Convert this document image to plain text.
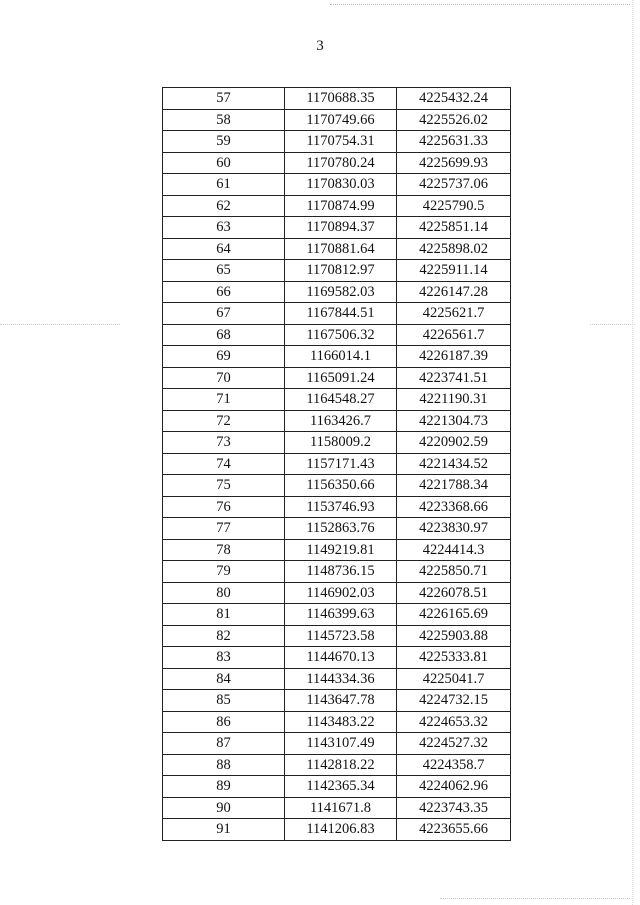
3
57	1170688.35	4225432.24
58	1170749.66	4225526.02
59	1170754.31	4225631.33
60	1170780.24	4225699.93
61	1170830.03	4225737.06
62	1170874.99	4225790.5
63	1170894.37	4225851.14
64	1170881.64	4225898.02
65	1170812.97	4225911.14
66	1169582.03	4226147.28
67	1167844.51	4225621.7
68	1167506.32	4226561.7
69	1166014.1	4226187.39
70	1165091.24	4223741.51
71	1164548.27	4221190.31
72	1163426.7	4221304.73
73	1158009.2	4220902.59
74	1157171.43	4221434.52
75	1156350.66	4221788.34
76	1153746.93	4223368.66
77	1152863.76	4223830.97
78	1149219.81	4224414.3
79	1148736.15	4225850.71
80	1146902.03	4226078.51
81	1146399.63	4226165.69
82	1145723.58	4225903.88
83	1144670.13	4225333.81
84	1144334.36	4225041.7
85	1143647.78	4224732.15
86	1143483.22	4224653.32
87	1143107.49	4224527.32
88	1142818.22	4224358.7
89	1142365.34	4224062.96
90	1141671.8	4223743.35
91	1141206.83	4223655.66
